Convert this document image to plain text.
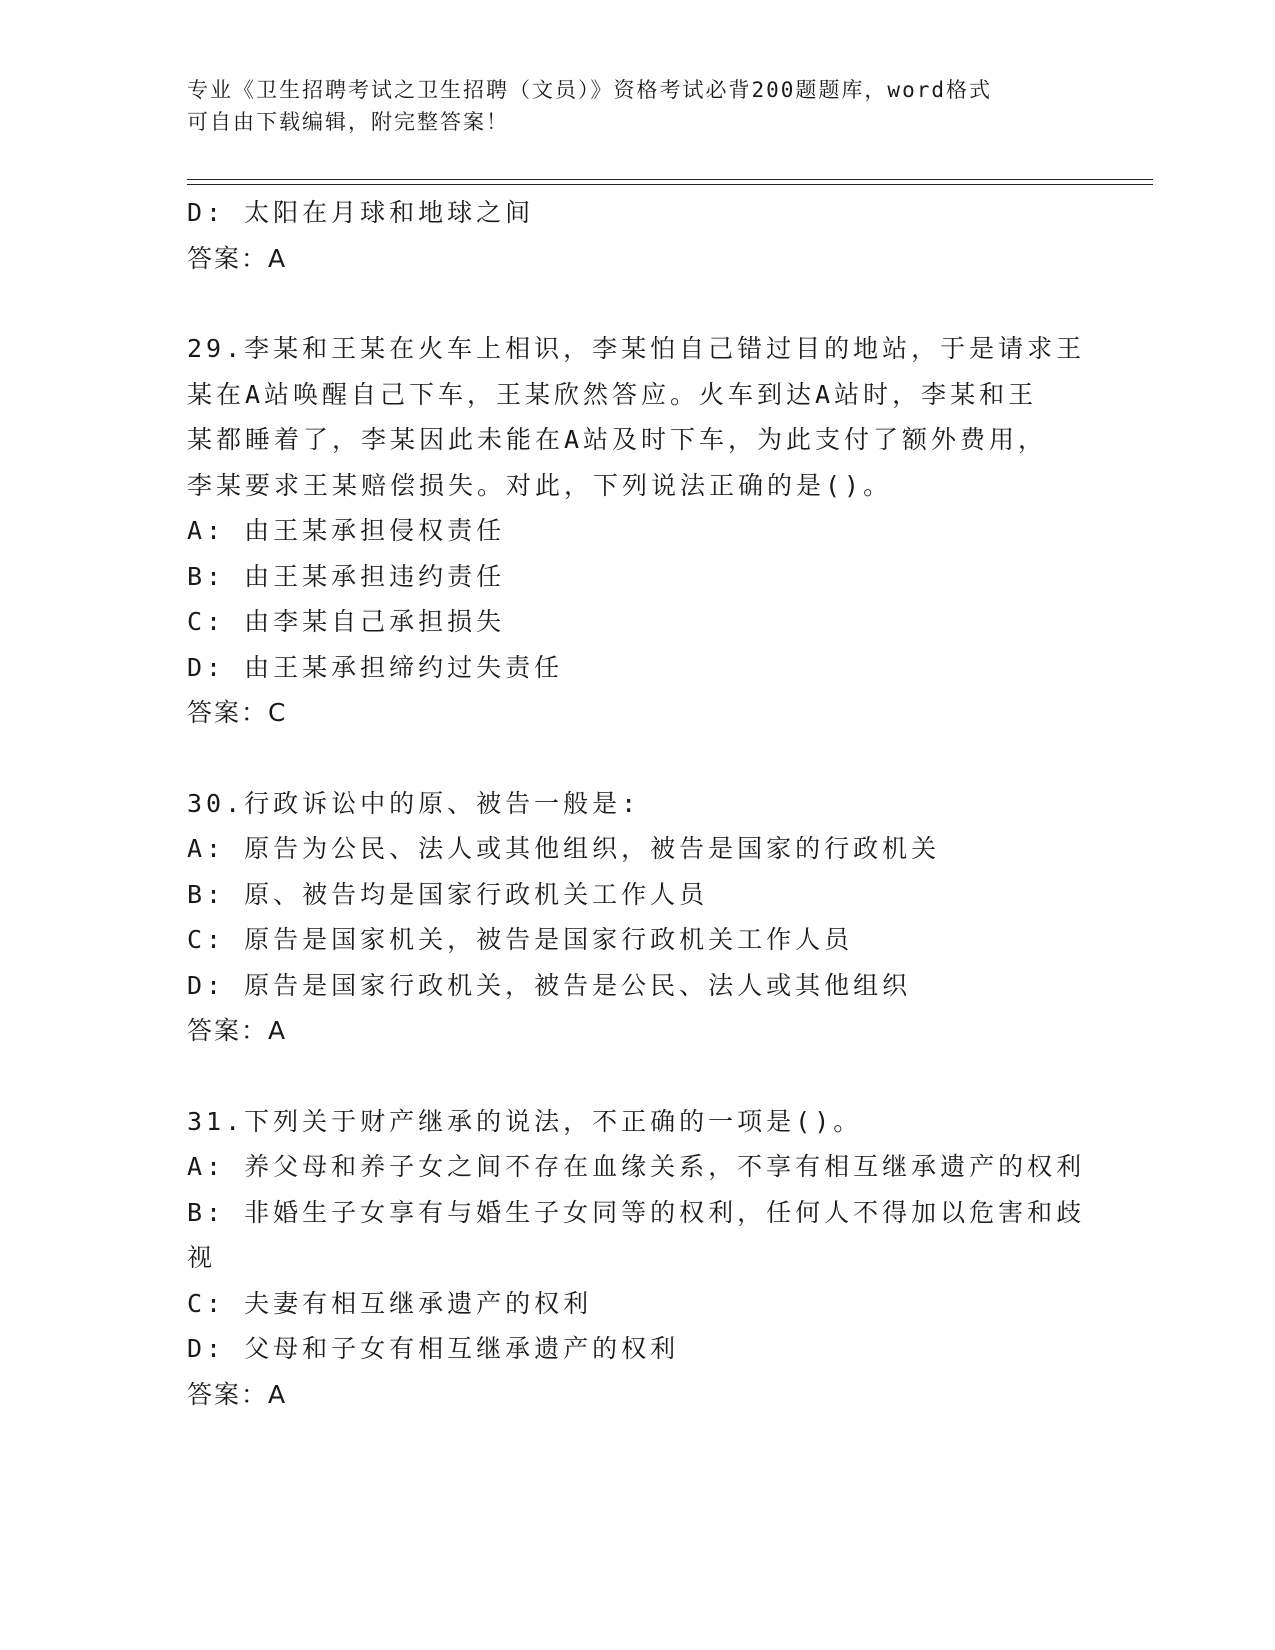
专业《卫生招聘考试之卫生招聘（文员）》资格考试必背200题题库，word格式
可自由下载编辑，附完整答案！
D: 太阳在月球和地球之间
答案：A
29.李某和王某在火车上相识，李某怕自己错过目的地站，于是请求王
某在A站唤醒自己下车，王某欣然答应。火车到达A站时，李某和王
某都睡着了，李某因此未能在A站及时下车，为此支付了额外费用，
李某要求王某赔偿损失。对此，下列说法正确的是()。
A: 由王某承担侵权责任
B: 由王某承担违约责任
C: 由李某自己承担损失
D: 由王某承担缔约过失责任
答案：C
30.行政诉讼中的原、被告一般是:
A: 原告为公民、法人或其他组织，被告是国家的行政机关
B: 原、被告均是国家行政机关工作人员
C: 原告是国家机关，被告是国家行政机关工作人员
D: 原告是国家行政机关，被告是公民、法人或其他组织
答案：A
31.下列关于财产继承的说法，不正确的一项是()。
A: 养父母和养子女之间不存在血缘关系，不享有相互继承遗产的权利
B: 非婚生子女享有与婚生子女同等的权利，任何人不得加以危害和歧
视
C: 夫妻有相互继承遗产的权利
D: 父母和子女有相互继承遗产的权利
答案：A
